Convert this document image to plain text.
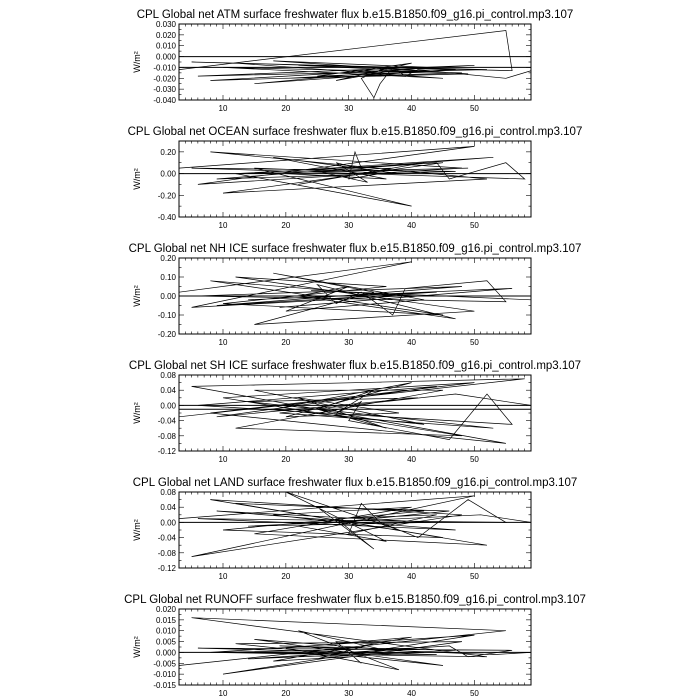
CPL Global net ATM surface freshwater flux b.e15.B1850.f09_g16.pi_control.mp3.107
W/m²
10	20	30	40	50
0.030
0.020
0.010
0.000
-0.010
-0.020
-0.030
-0.040
CPL Global net OCEAN surface freshwater flux b.e15.B1850.f09_g16.pi_control.mp3.107
W/m²
10	20	30	40	50
0.20
0.00
-0.20
-0.40
CPL Global net NH ICE surface freshwater flux b.e15.B1850.f09_g16.pi_control.mp3.107
W/m²
10	20	30	40	50
0.20
0.10
0.00
-0.10
-0.20
CPL Global net SH ICE surface freshwater flux b.e15.B1850.f09_g16.pi_control.mp3.107
W/m²
10	20	30	40	50
0.08
0.04
0.00
-0.04
-0.08
-0.12
CPL Global net LAND surface freshwater flux b.e15.B1850.f09_g16.pi_control.mp3.107
W/m²
10	20	30	40	50
0.08
0.04
0.00
-0.04
-0.08
-0.12
CPL Global net RUNOFF surface freshwater flux b.e15.B1850.f09_g16.pi_control.mp3.107
W/m²
10	20	30	40	50
0.020
0.015
0.010
0.005
0.000
-0.005
-0.010
-0.015
